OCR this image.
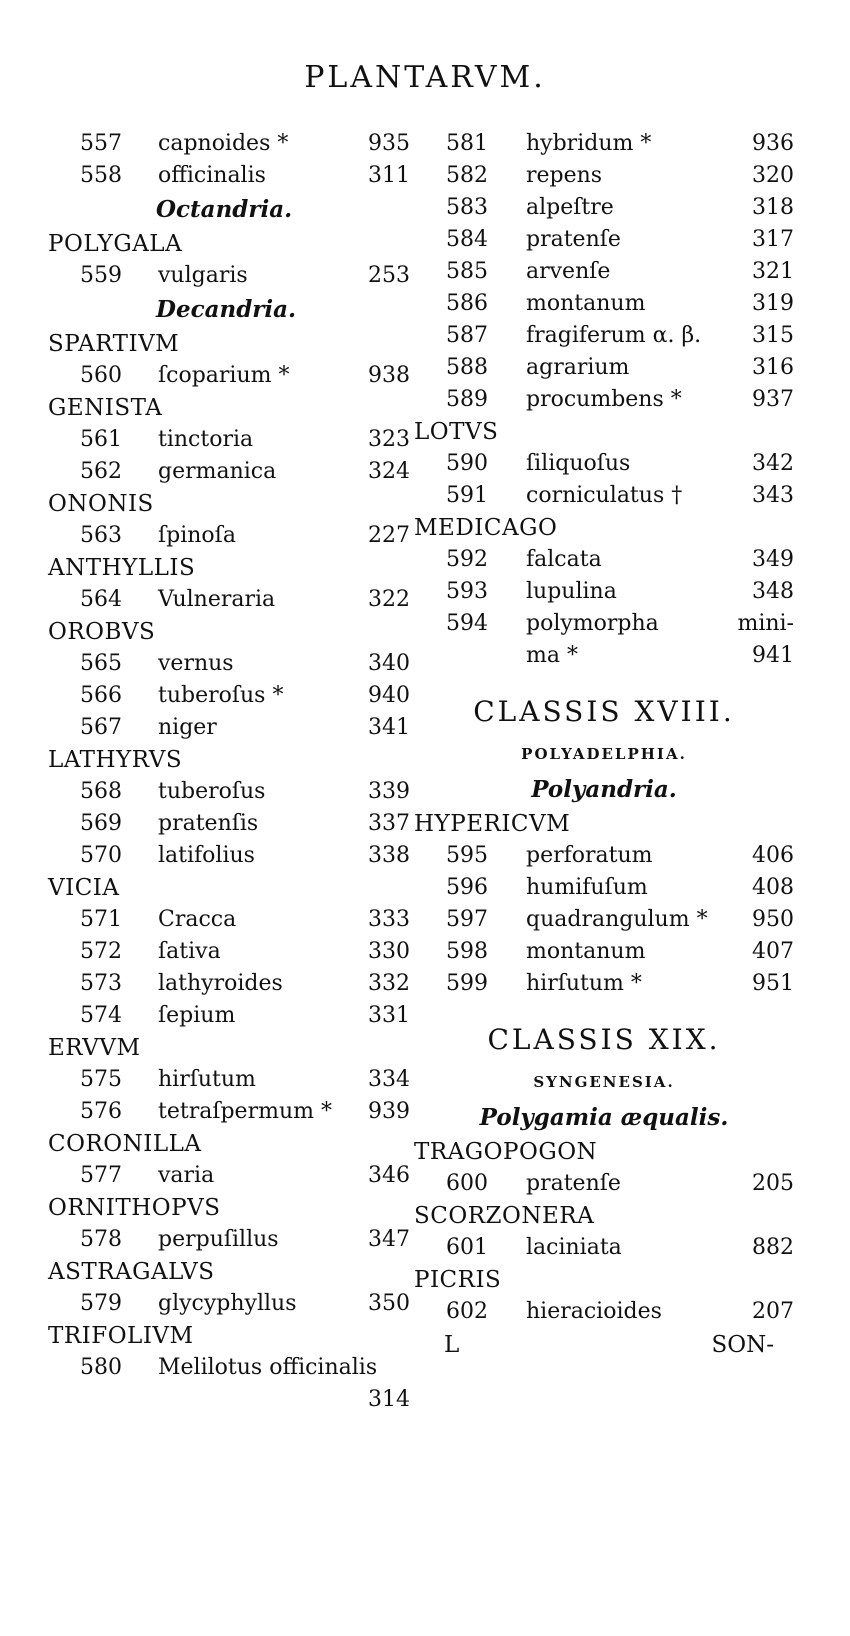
PLANTARVM.
557 capnoides *	935
558 officinalis	311
Octandria.
POLYGALA
559 vulgaris	253
Decandria.
SPARTIVM
560 ſcoparium *	938
GENISTA
561 tinctoria	323
562 germanica	324
ONONIS
563 ſpinoſa	227
ANTHYLLIS
564 Vulneraria	322
OROBVS
565 vernus	340
566 tuberoſus *	940
567 niger	341
LATHYRVS
568 tuberoſus	339
569 pratenſis	337
570 latifolius	338
VICIA
571 Cracca	333
572 ſativa	330
573 lathyroides	332
574 ſepium	331
ERVVM
575 hirſutum	334
576 tetraſpermum * 939
CORONILLA
577 varia	346
ORNITHOPVS
578 perpuſillus	347
ASTRAGALVS
579 glycyphyllus	350
TRIFOLIVM
580 Melilotus officinalis
314
581 hybridum *	936
582 repens	320
583 alpeſtre	318
584 pratenſe	317
585 arvenſe	321
586 montanum	319
587 fragiferum α. β. 315
588 agrarium	316
589 procumbens *	937
LOTVS
590 ſiliquoſus	342
591 corniculatus †	343
MEDICAGO
592 falcata	349
593 lupulina	348
594 polymorpha	mini-
ma *	941
CLASSIS XVIII.
POLYADELPHIA.
Polyandria.
HYPERICVM
595 perforatum	406
596 humifuſum	408
597 quadrangulum * 950
598 montanum	407
599 hirſutum *	951
CLASSIS XIX.
SYNGENESIA.
Polygamia æqualis.
TRAGOPOGON
600 pratenſe	205
SCORZONERA
601 laciniata	882
PICRIS
602 hieracioides	207
L	SON-
